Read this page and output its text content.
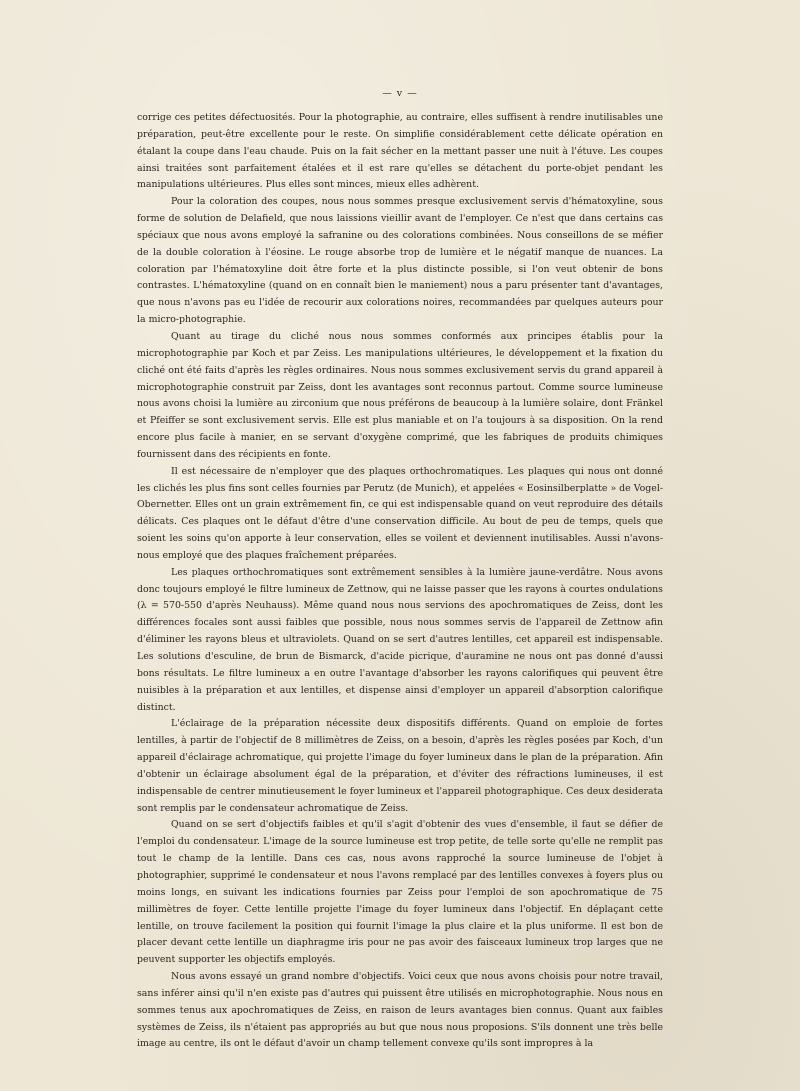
— v —

corrige ces petites défectuosités. Pour la photographie, au contraire, elles suffisent à rendre inutilisables une préparation, peut-être excellente pour le reste. On simplifie considérablement cette délicate opération en étalant la coupe dans l'eau chaude. Puis on la fait sécher en la mettant passer une nuit à l'étuve. Les coupes ainsi traitées sont parfaitement étalées et il est rare qu'elles se détachent du porte-objet pendant les manipulations ultérieures. Plus elles sont minces, mieux elles adhèrent.

Pour la coloration des coupes, nous nous sommes presque exclusivement servis d'hématoxyline, sous forme de solution de Delafield, que nous laissions vieillir avant de l'employer. Ce n'est que dans certains cas spéciaux que nous avons employé la safranine ou des colorations combinées. Nous conseillons de se méfier de la double coloration à l'éosine. Le rouge absorbe trop de lumière et le négatif manque de nuances. La coloration par l'hématoxyline doit être forte et la plus distincte possible, si l'on veut obtenir de bons contrastes. L'hématoxyline (quand on en connaît bien le maniement) nous a paru présenter tant d'avantages, que nous n'avons pas eu l'idée de recourir aux colorations noires, recommandées par quelques auteurs pour la micro-photographie.

Quant au tirage du cliché nous nous sommes conformés aux principes établis pour la microphotographie par Koch et par Zeiss. Les manipulations ultérieures, le développement et la fixation du cliché ont été faits d'après les règles ordinaires. Nous nous sommes exclusivement servis du grand appareil à microphotographie construit par Zeiss, dont les avantages sont reconnus partout. Comme source lumineuse nous avons choisi la lumière au zirconium que nous préférons de beaucoup à la lumière solaire, dont Fränkel et Pfeiffer se sont exclusivement servis. Elle est plus maniable et on l'a toujours à sa disposition. On la rend encore plus facile à manier, en se servant d'oxygène comprimé, que les fabriques de produits chimiques fournissent dans des récipients en fonte.

Il est nécessaire de n'employer que des plaques orthochromatiques. Les plaques qui nous ont donné les clichés les plus fins sont celles fournies par Perutz (de Munich), et appelées « Eosinsilberplatte » de Vogel-Obernetter. Elles ont un grain extrêmement fin, ce qui est indispensable quand on veut reproduire des détails délicats. Ces plaques ont le défaut d'être d'une conservation difficile. Au bout de peu de temps, quels que soient les soins qu'on apporte à leur conservation, elles se voilent et deviennent inutilisables. Aussi n'avons-nous employé que des plaques fraîchement préparées.

Les plaques orthochromatiques sont extrêmement sensibles à la lumière jaune-verdâtre. Nous avons donc toujours employé le filtre lumineux de Zettnow, qui ne laisse passer que les rayons à courtes ondulations (λ = 570-550 d'après Neuhauss). Même quand nous nous servions des apochromatiques de Zeiss, dont les différences focales sont aussi faibles que possible, nous nous sommes servis de l'appareil de Zettnow afin d'éliminer les rayons bleus et ultraviolets. Quand on se sert d'autres lentilles, cet appareil est indispensable. Les solutions d'esculine, de brun de Bismarck, d'acide picrique, d'auramine ne nous ont pas donné d'aussi bons résultats. Le filtre lumineux a en outre l'avantage d'absorber les rayons calorifiques qui peuvent être nuisibles à la préparation et aux lentilles, et dispense ainsi d'employer un appareil d'absorption calorifique distinct.

L'éclairage de la préparation nécessite deux dispositifs différents. Quand on emploie de fortes lentilles, à partir de l'objectif de 8 millimètres de Zeiss, on a besoin, d'après les règles posées par Koch, d'un appareil d'éclairage achromatique, qui projette l'image du foyer lumineux dans le plan de la préparation. Afin d'obtenir un éclairage absolument égal de la préparation, et d'éviter des réfractions lumineuses, il est indispensable de centrer minutieusement le foyer lumineux et l'appareil photographique. Ces deux desiderata sont remplis par le condensateur achromatique de Zeiss.

Quand on se sert d'objectifs faibles et qu'il s'agit d'obtenir des vues d'ensemble, il faut se défier de l'emploi du condensateur. L'image de la source lumineuse est trop petite, de telle sorte qu'elle ne remplit pas tout le champ de la lentille. Dans ces cas, nous avons rapproché la source lumineuse de l'objet à photographier, supprimé le condensateur et nous l'avons remplacé par des lentilles convexes à foyers plus ou moins longs, en suivant les indications fournies par Zeiss pour l'emploi de son apochromatique de 75 millimètres de foyer. Cette lentille projette l'image du foyer lumineux dans l'objectif. En déplaçant cette lentille, on trouve facilement la position qui fournit l'image la plus claire et la plus uniforme. Il est bon de placer devant cette lentille un diaphragme iris pour ne pas avoir des faisceaux lumineux trop larges que ne peuvent supporter les objectifs employés.

Nous avons essayé un grand nombre d'objectifs. Voici ceux que nous avons choisis pour notre travail, sans inférer ainsi qu'il n'en existe pas d'autres qui puissent être utilisés en microphotographie. Nous nous en sommes tenus aux apochromatiques de Zeiss, en raison de leurs avantages bien connus. Quant aux faibles systèmes de Zeiss, ils n'étaient pas appropriés au but que nous nous proposions. S'ils donnent une très belle image au centre, ils ont le défaut d'avoir un champ tellement convexe qu'ils sont impropres à la
